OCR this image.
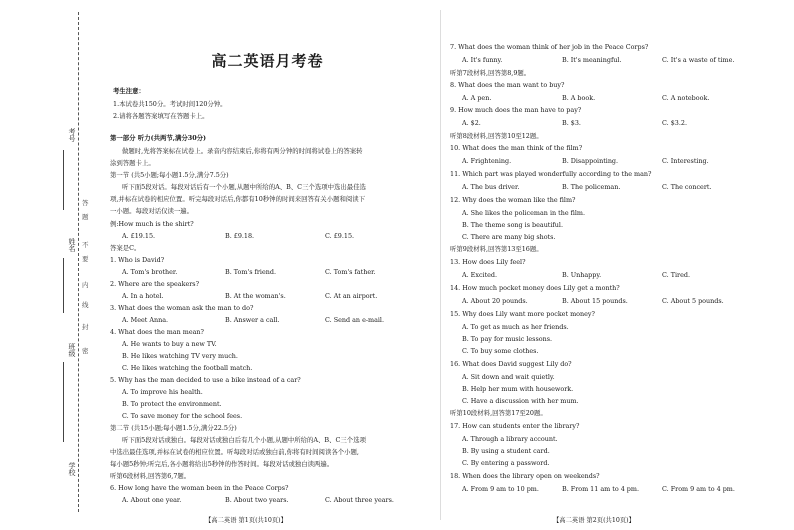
考号
姓名
班级
学校
答
题
不
要
内
线
封
密
高二英语月考卷
考生注意：
1.本试卷共150分。考试时间120分钟。
2.请将各题答案填写在答题卡上。
第一部分 听力(共两节,满分30分)
做题时,先将答案标在试卷上。录音内容结束后,你将有两分钟的时间将试卷上的答案转
涂到答题卡上。
第一节 (共5小题;每小题1.5分,满分7.5分)
听下面5段对话。每段对话后有一个小题,从题中所给的A、B、C三个选项中选出最佳选
项,并标在试卷的相应位置。听完每段对话后,你都有10秒钟的时间来回答有关小题和阅读下
一小题。每段对话仅读一遍。
例:How much is the shirt?
A. £19.15.	B. £9.18.	C. £9.15.
答案是C。
1. Who is David?
A. Tom's brother.	B. Tom's friend.	C. Tom's father.
2. Where are the speakers?
A. In a hotel.	B. At the woman's.	C. At an airport.
3. What does the woman ask the man to do?
A. Meet Anna.	B. Answer a call.	C. Send an e-mail.
4. What does the man mean?
A. He wants to buy a new TV.
B. He likes watching TV very much.
C. He likes watching the football match.
5. Why has the man decided to use a bike instead of a car?
A. To improve his health.
B. To protect the environment.
C. To save money for the school fees.
第二节 (共15小题;每小题1.5分,满分22.5分)
听下面5段对话或独白。每段对话或独白后有几个小题,从题中所给的A、B、C三个选项
中选出最佳选项,并标在试卷的相应位置。听每段对话或独白前,你将有时间阅读各个小题,
每小题5秒钟;听完后,各小题将给出5秒钟的作答时间。每段对话或独白读两遍。
听第6段材料,回答第6,7题。
6. How long have the woman been in the Peace Corps?
A. About one year.	B. About two years.	C. About three years.
【高二英语 第1页(共10页)】
7. What does the woman think of her job in the Peace Corps?
A. It's funny.	B. It's meaningful.	C. It's a waste of time.
听第7段材料,回答第8,9题。
8. What does the man want to buy?
A. A pen.	B. A book.	C. A notebook.
9. How much does the man have to pay?
A. $2.	B. $3.	C. $3.2.
听第8段材料,回答第10至12题。
10. What does the man think of the film?
A. Frightening.	B. Disappointing.	C. Interesting.
11. Which part was played wonderfully according to the man?
A. The bus driver.	B. The policeman.	C. The concert.
12. Why does the woman like the film?
A. She likes the policeman in the film.
B. The theme song is beautiful.
C. There are many big shots.
听第9段材料,回答第13至16题。
13. How does Lily feel?
A. Excited.	B. Unhappy.	C. Tired.
14. How much pocket money does Lily get a month?
A. About 20 pounds.	B. About 15 pounds.	C. About 5 pounds.
15. Why does Lily want more pocket money?
A. To get as much as her friends.
B. To pay for music lessons.
C. To buy some clothes.
16. What does David suggest Lily do?
A. Sit down and wait quietly.
B. Help her mum with housework.
C. Have a discussion with her mum.
听第10段材料,回答第17至20题。
17. How can students enter the library?
A. Through a library account.
B. By using a student card.
C. By entering a password.
18. When does the library open on weekends?
A. From 9 am to 10 pm.	B. From 11 am to 4 pm.	C. From 9 am to 4 pm.
【高二英语 第2页(共10页)】
